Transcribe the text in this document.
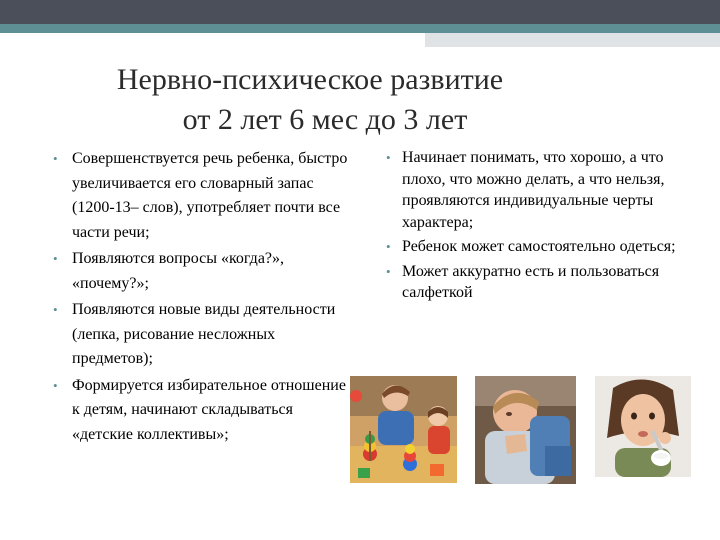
Нервно-психическое развитие
от 2 лет 6 мес до 3 лет
• Совершенствуется речь ребенка, быстро увеличивается его словарный запас (1200-13– слов), употребляет почти все части речи;
• Появляются вопросы «когда?», «почему?»;
• Появляются новые виды деятельности (лепка, рисование несложных предметов);
• Формируется избирательное отношение к детям, начинают складываться «детские коллективы»;
• Начинает понимать, что хорошо, а что плохо, что можно делать, а что нельзя, проявляются индивидуальные черты характера;
• Ребенок может самостоятельно одеться;
• Может аккуратно есть и пользоваться салфеткой
